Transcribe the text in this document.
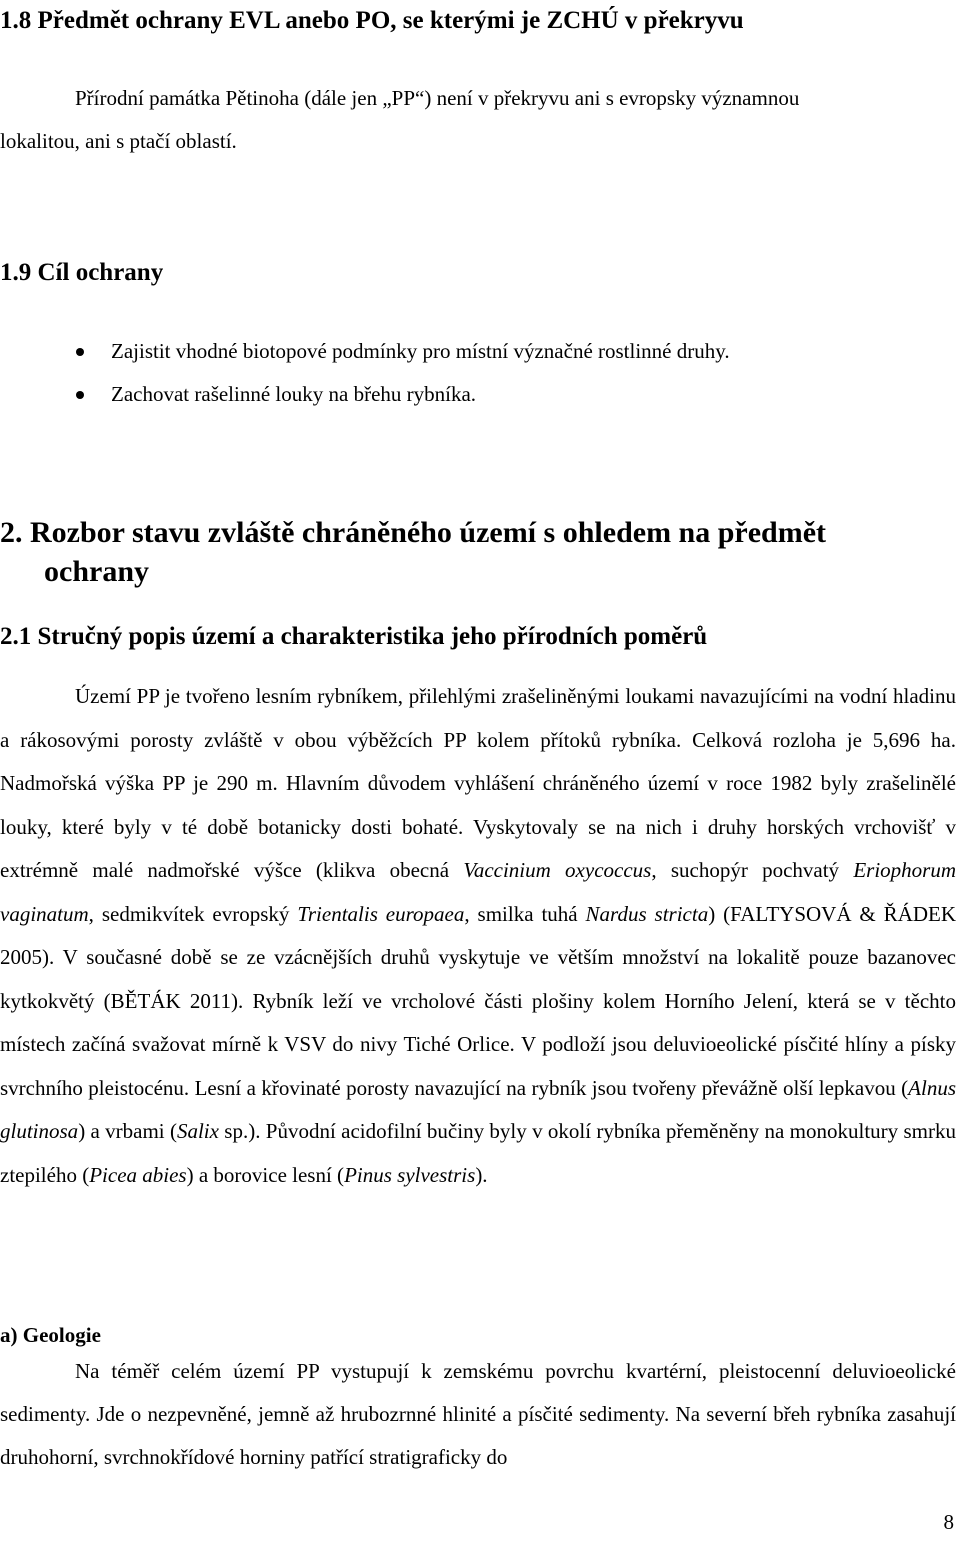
1.8 Předmět ochrany EVL anebo PO, se kterými je ZCHÚ v překryvu
Přírodní památka Pětinoha (dále jen „PP“) není v překryvu ani s evropsky významnou
lokalitou, ani s ptačí oblastí.
1.9 Cíl ochrany
Zajistit vhodné biotopové podmínky pro místní význačné rostlinné druhy.
Zachovat rašelinné louky na břehu rybníka.
2. Rozbor stavu zvláště chráněného území s ohledem na předmět
ochrany
2.1 Stručný popis území a charakteristika jeho přírodních poměrů
Území PP je tvořeno lesním rybníkem, přilehlými zrašeliněnými loukami navazujícími na vodní hladinu a rákosovými porosty zvláště v obou výběžcích PP kolem přítoků rybníka. Celková rozloha je 5,696 ha. Nadmořská výška PP je 290 m. Hlavním důvodem vyhlášení chráněného území v roce 1982 byly zrašelinělé louky, které byly v té době botanicky dosti bohaté. Vyskytovaly se na nich i druhy horských vrchovišť v extrémně malé nadmořské výšce (klikva obecná Vaccinium oxycoccus, suchopýr pochvatý Eriophorum vaginatum, sedmikvítek evropský Trientalis europaea, smilka tuhá Nardus stricta) (FALTYSOVÁ & ŘÁDEK 2005). V současné době se ze vzácnějších druhů vyskytuje ve větším množství na lokalitě pouze bazanovec kytkokvětý (BĚTÁK 2011). Rybník leží ve vrcholové části plošiny kolem Horního Jelení, která se v těchto místech začíná svažovat mírně k VSV do nivy Tiché Orlice. V podloží jsou deluvioeolické písčité hlíny a písky svrchního pleistocénu. Lesní a křovinaté porosty navazující na rybník jsou tvořeny převážně olší lepkavou (Alnus glutinosa) a vrbami (Salix sp.). Původní acidofilní bučiny byly v okolí rybníka přeměněny na monokultury smrku ztepilého (Picea abies) a borovice lesní (Pinus sylvestris).
a) Geologie
Na téměř celém území PP vystupují k zemskému povrchu kvartérní, pleistocenní deluvioeolické sedimenty. Jde o nezpevněné, jemně až hrubozrnné hlinité a písčité sedimenty. Na severní břeh rybníka zasahují druhohorní, svrchnokřídové horniny patřící stratigraficky do
8
